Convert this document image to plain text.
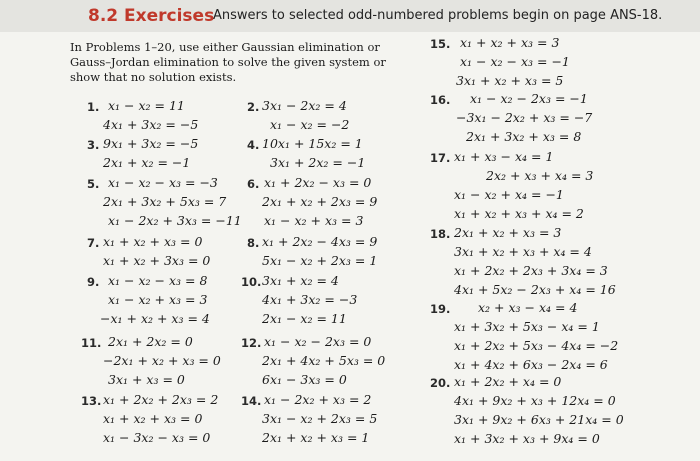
8.2 Exercises
Answers to selected odd-numbered problems begin on page ANS-18.
In Problems 1–20, use either Gaussian elimination or Gauss–Jordan elimination to solve the given system or show that no solution exists.
1. x₁ − x₂ = 11
4x₁ + 3x₂ = −5
2. 3x₁ − 2x₂ = 4
x₁ − x₂ = −2
3. 9x₁ + 3x₂ = −5
2x₁ + x₂ = −1
4. 10x₁ + 15x₂ = 1
3x₁ + 2x₂ = −1
5. x₁ − x₂ − x₃ = −3
2x₁ + 3x₂ + 5x₃ = 7
x₁ − 2x₂ + 3x₃ = −11
6. x₁ + 2x₂ − x₃ = 0
2x₁ + x₂ + 2x₃ = 9
x₁ − x₂ + x₃ = 3
7. x₁ + x₂ + x₃ = 0
x₁ + x₂ + 3x₃ = 0
8. x₁ + 2x₂ − 4x₃ = 9
5x₁ − x₂ + 2x₃ = 1
9. x₁ − x₂ − x₃ = 8
x₁ − x₂ + x₃ = 3
−x₁ + x₂ + x₃ = 4
10. 3x₁ + x₂ = 4
4x₁ + 3x₂ = −3
2x₁ − x₂ = 11
11. 2x₁ + 2x₂ = 0
−2x₁ + x₂ + x₃ = 0
3x₁ + x₃ = 0
12. x₁ − x₂ − 2x₃ = 0
2x₁ + 4x₂ + 5x₃ = 0
6x₁ − 3x₃ = 0
13. x₁ + 2x₂ + 2x₃ = 2
x₁ + x₂ + x₃ = 0
x₁ − 3x₂ − x₃ = 0
14. x₁ − 2x₂ + x₃ = 2
3x₁ − x₂ + 2x₃ = 5
2x₁ + x₂ + x₃ = 1
15. x₁ + x₂ + x₃ = 3
x₁ − x₂ − x₃ = −1
3x₁ + x₂ + x₃ = 5
16. x₁ − x₂ − 2x₃ = −1
−3x₁ − 2x₂ + x₃ = −7
2x₁ + 3x₂ + x₃ = 8
17. x₁ + x₃ − x₄ = 1
2x₂ + x₃ + x₄ = 3
x₁ − x₂ + x₄ = −1
x₁ + x₂ + x₃ + x₄ = 2
18. 2x₁ + x₂ + x₃ = 3
3x₁ + x₂ + x₃ + x₄ = 4
x₁ + 2x₂ + 2x₃ + 3x₄ = 3
4x₁ + 5x₂ − 2x₃ + x₄ = 16
19. x₂ + x₃ − x₄ = 4
x₁ + 3x₂ + 5x₃ − x₄ = 1
x₁ + 2x₂ + 5x₃ − 4x₄ = −2
x₁ + 4x₂ + 6x₃ − 2x₄ = 6
20. x₁ + 2x₂ + x₄ = 0
4x₁ + 9x₂ + x₃ + 12x₄ = 0
3x₁ + 9x₂ + 6x₃ + 21x₄ = 0
x₁ + 3x₂ + x₃ + 9x₄ = 0
